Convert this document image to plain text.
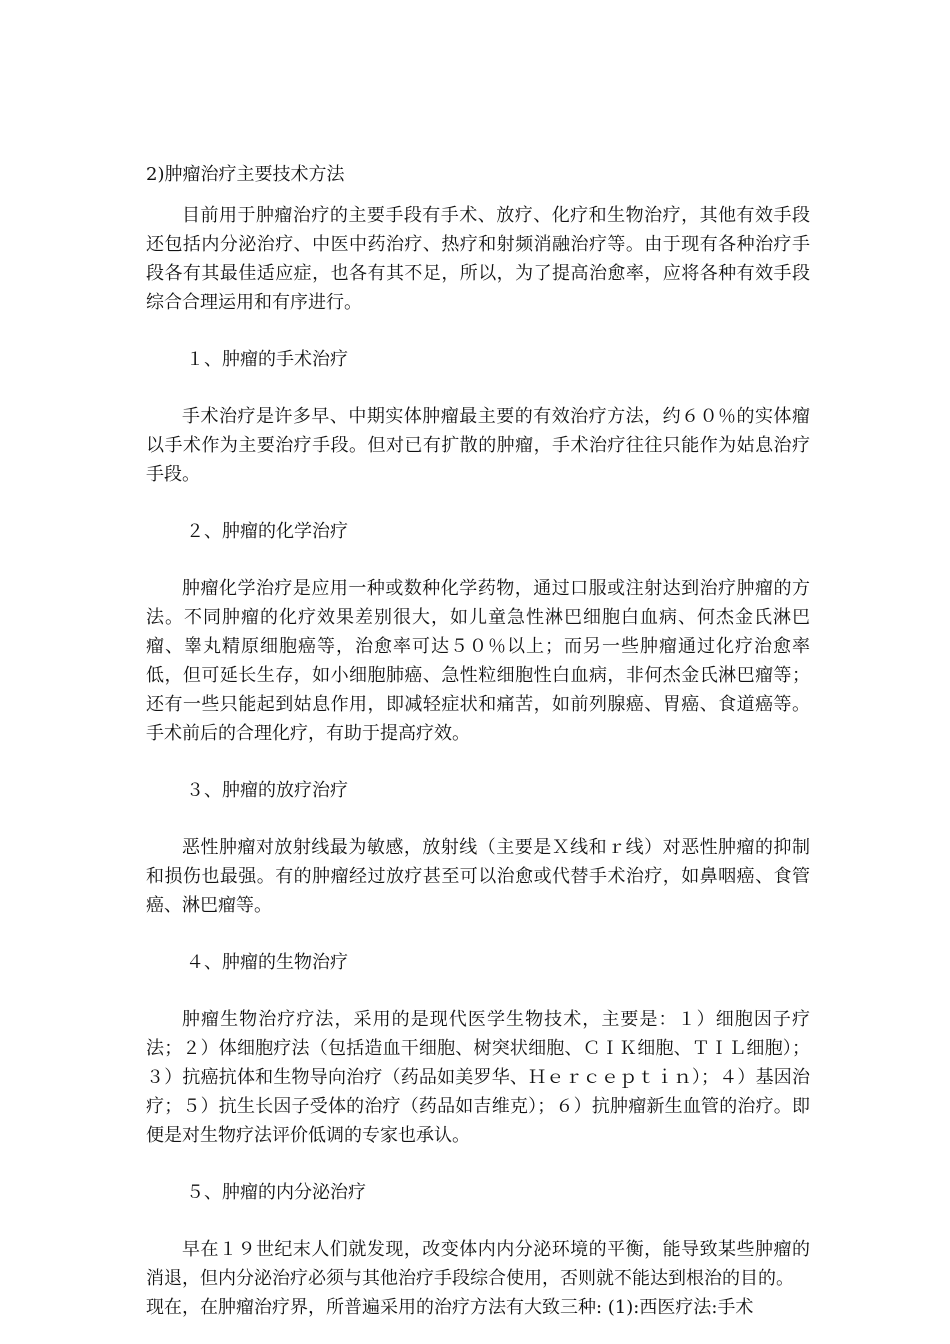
2)肿瘤治疗主要技术方法

目前用于肿瘤治疗的主要手段有手术、放疗、化疗和生物治疗，其他有效手段还包括内分泌治疗、中医中药治疗、热疗和射频消融治疗等。由于现有各种治疗手段各有其最佳适应症，也各有其不足，所以，为了提高治愈率，应将各种有效手段综合合理运用和有序进行。

１、肿瘤的手术治疗

手术治疗是许多早、中期实体肿瘤最主要的有效治疗方法，约６０％的实体瘤以手术作为主要治疗手段。但对已有扩散的肿瘤，手术治疗往往只能作为姑息治疗手段。

２、肿瘤的化学治疗

肿瘤化学治疗是应用一种或数种化学药物，通过口服或注射达到治疗肿瘤的方法。不同肿瘤的化疗效果差别很大，如儿童急性淋巴细胞白血病、何杰金氏淋巴瘤、睾丸精原细胞癌等，治愈率可达５０％以上；而另一些肿瘤通过化疗治愈率低，但可延长生存，如小细胞肺癌、急性粒细胞性白血病，非何杰金氏淋巴瘤等；还有一些只能起到姑息作用，即减轻症状和痛苦，如前列腺癌、胃癌、食道癌等。手术前后的合理化疗，有助于提高疗效。

３、肿瘤的放疗治疗

恶性肿瘤对放射线最为敏感，放射线（主要是Ｘ线和ｒ线）对恶性肿瘤的抑制和损伤也最强。有的肿瘤经过放疗甚至可以治愈或代替手术治疗，如鼻咽癌、食管癌、淋巴瘤等。

４、肿瘤的生物治疗

肿瘤生物治疗疗法，采用的是现代医学生物技术，主要是：１）细胞因子疗法；２）体细胞疗法（包括造血干细胞、树突状细胞、ＣＩＫ细胞、ＴＩＬ细胞）；３）抗癌抗体和生物导向治疗（药品如美罗华、Ｈｅｒｃｅｐｔｉｎ）；４）基因治疗；５）抗生长因子受体的治疗（药品如吉维克）；６）抗肿瘤新生血管的治疗。即便是对生物疗法评价低调的专家也承认。

５、肿瘤的内分泌治疗

早在１９世纪末人们就发现，改变体内内分泌环境的平衡，能导致某些肿瘤的消退，但内分泌治疗必须与其他治疗手段综合使用，否则就不能达到根治的目的。

现在，在肿瘤治疗界，所普遍采用的治疗方法有大致三种: (1):西医疗法:手术
